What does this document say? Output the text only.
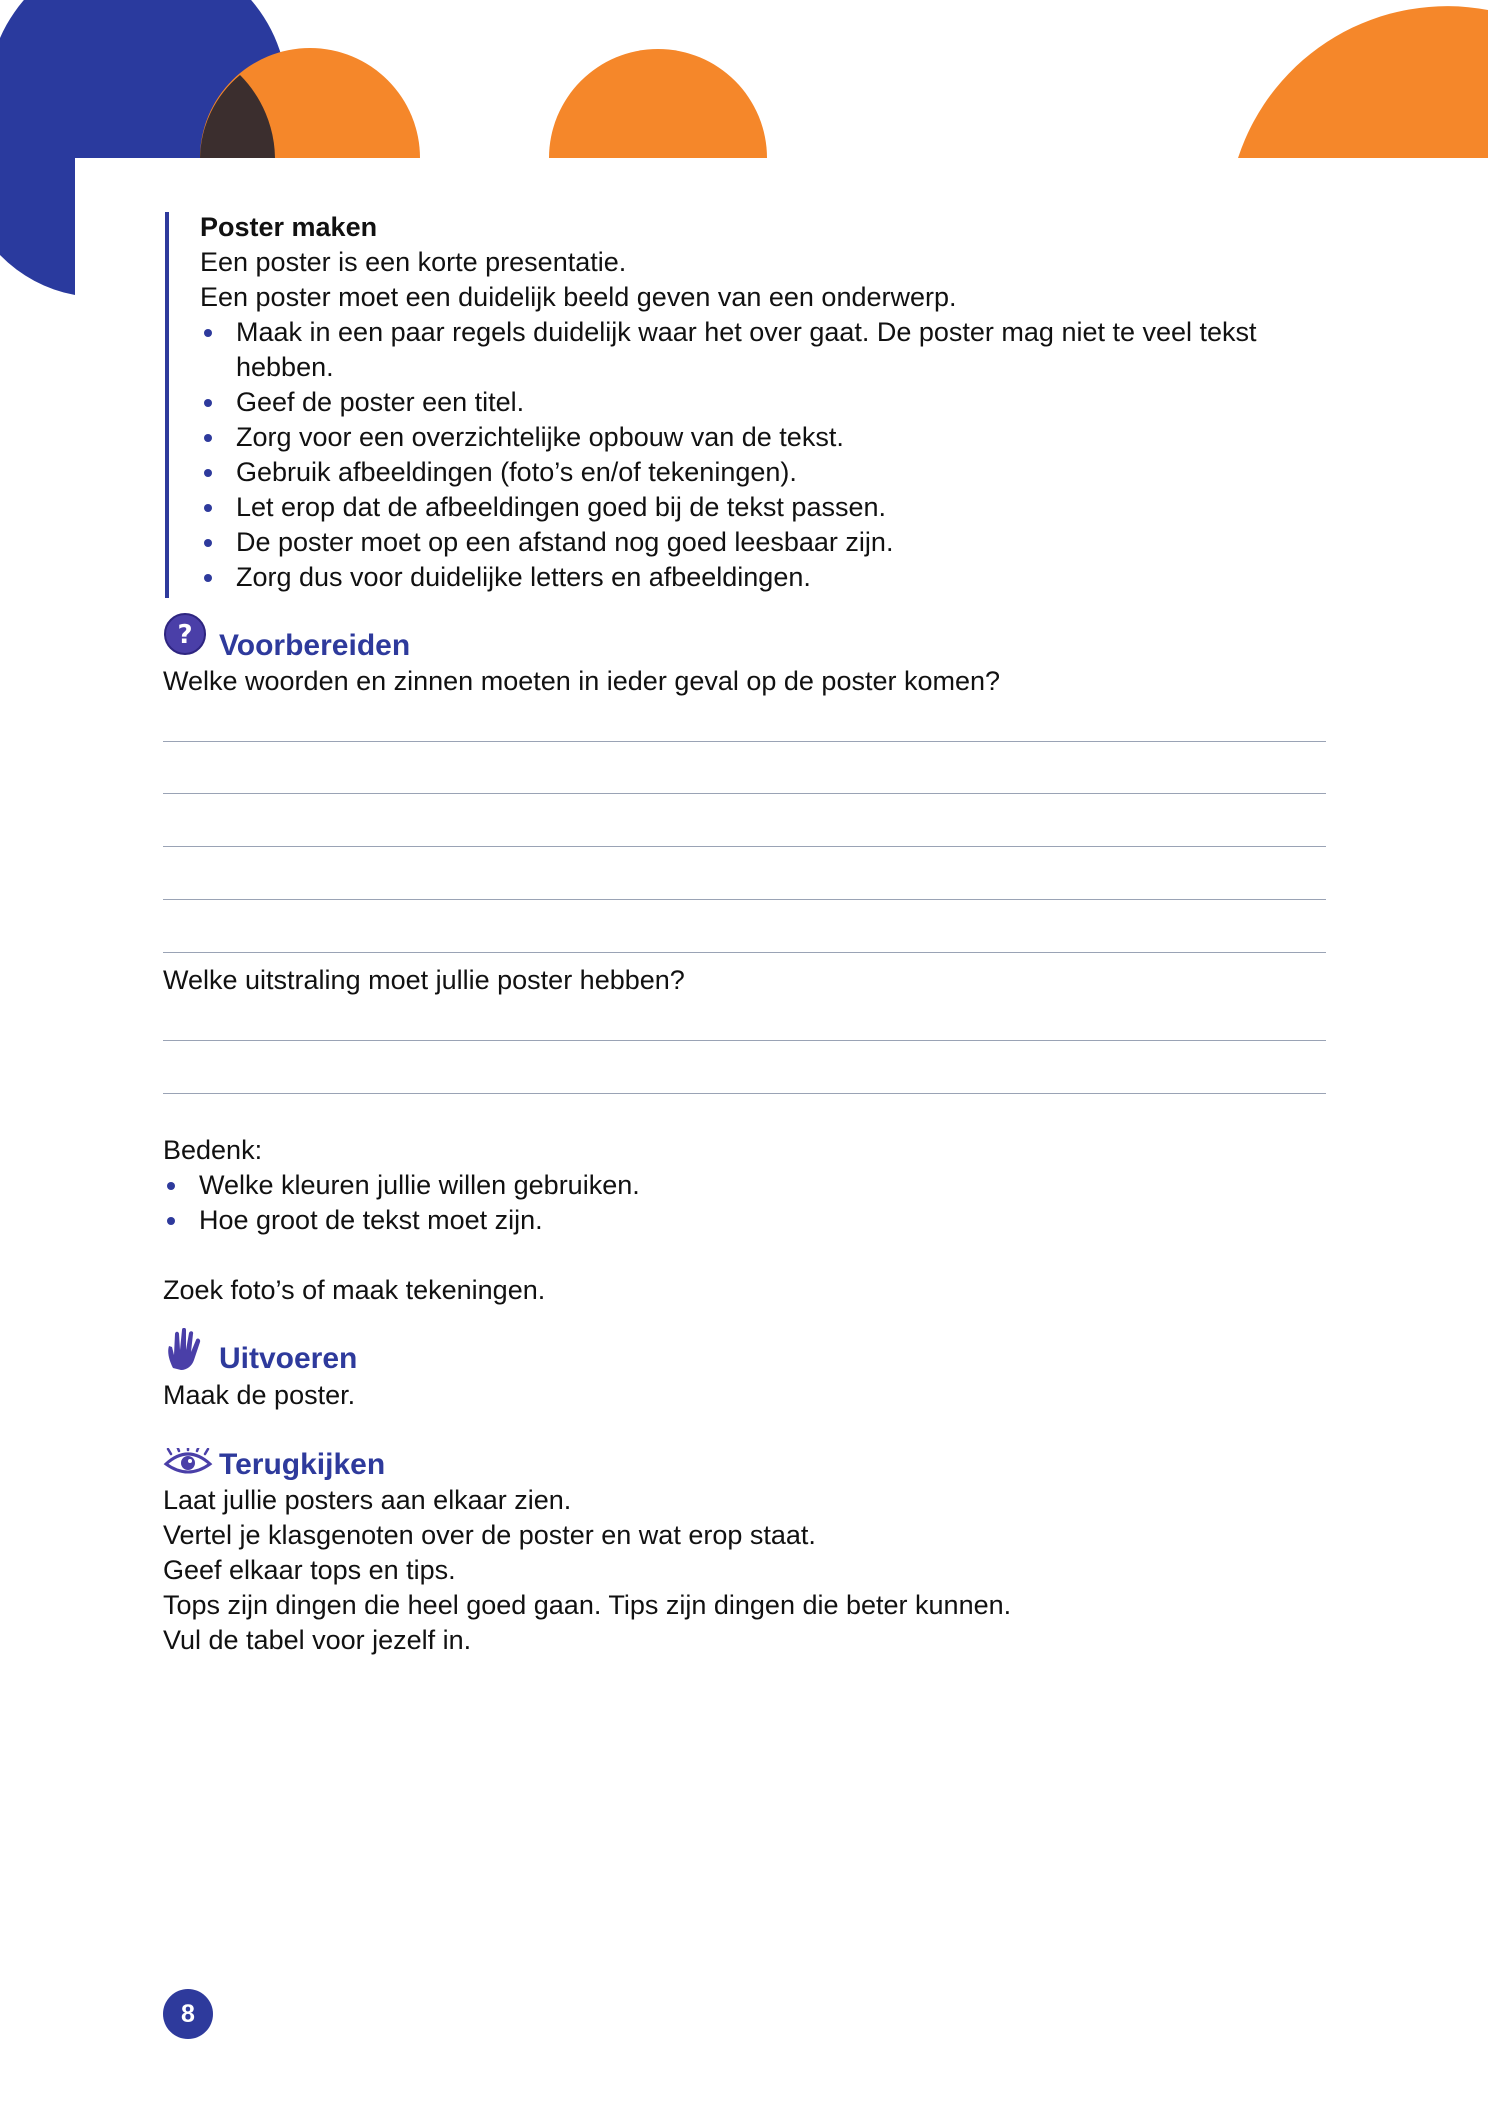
Poster maken
Een poster is een korte presentatie.
Een poster moet een duidelijk beeld geven van een onderwerp.
Maak in een paar regels duidelijk waar het over gaat. De poster mag niet te veel tekst
hebben.
Geef de poster een titel.
Zorg voor een overzichtelijke opbouw van de tekst.
Gebruik afbeeldingen (foto’s en/of tekeningen).
Let erop dat de afbeeldingen goed bij de tekst passen.
De poster moet op een afstand nog goed leesbaar zijn.
Zorg dus voor duidelijke letters en afbeeldingen.
? Voorbereiden
Welke woorden en zinnen moeten in ieder geval op de poster komen?
Welke uitstraling moet jullie poster hebben?
Bedenk:
Welke kleuren jullie willen gebruiken.
Hoe groot de tekst moet zijn.
Zoek foto’s of maak tekeningen.
Uitvoeren
Maak de poster.
Terugkijken
Laat jullie posters aan elkaar zien.
Vertel je klasgenoten over de poster en wat erop staat.
Geef elkaar tops en tips.
Tops zijn dingen die heel goed gaan. Tips zijn dingen die beter kunnen.
Vul de tabel voor jezelf in.
8
